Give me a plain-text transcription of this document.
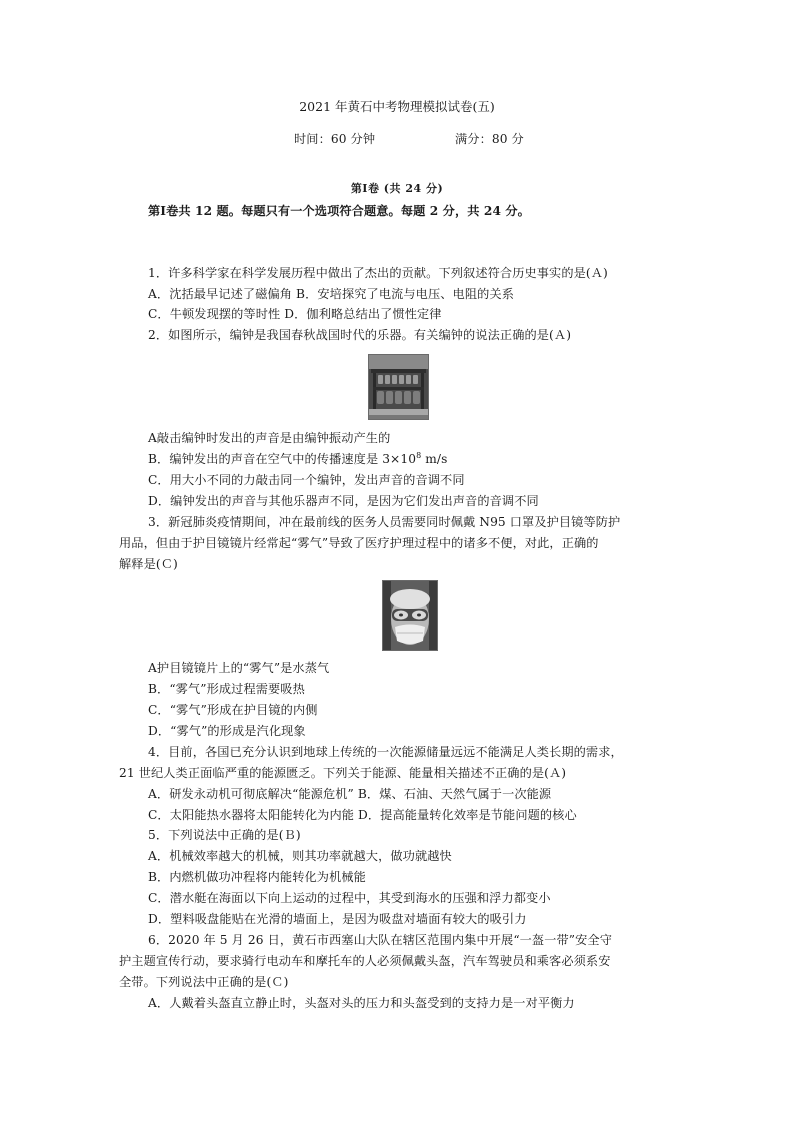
2021 年黄石中考物理模拟试卷(五)
时间：60 分钟	满分：80 分
第Ⅰ卷 (共 24 分)
第Ⅰ卷共 12 题。每题只有一个选项符合题意。每题 2 分，共 24 分。
1．许多科学家在科学发展历程中做出了杰出的贡献。下列叙述符合历史事实的是(Ａ)
A．沈括最早记述了磁偏角 B．安培探究了电流与电压、电阻的关系
C．牛顿发现摆的等时性 D．伽利略总结出了惯性定律
2．如图所示，编钟是我国春秋战国时代的乐器。有关编钟的说法正确的是(Ａ)
A敲击编钟时发出的声音是由编钟振动产生的
B．编钟发出的声音在空气中的传播速度是 $3\times 10^8$ m/s
C．用大小不同的力敲击同一个编钟，发出声音的音调不同
D．编钟发出的声音与其他乐器声不同，是因为它们发出声音的音调不同
3．新冠肺炎疫情期间，冲在最前线的医务人员需要同时佩戴 N95 口罩及护目镜等防护
用品，但由于护目镜镜片经常起“雾气”导致了医疗护理过程中的诸多不便，对此，正确的
解释是(Ｃ)
A护目镜镜片上的“雾气”是水蒸气
B．“雾气”形成过程需要吸热
C．“雾气”形成在护目镜的内侧
D．“雾气”的形成是汽化现象
4．目前，各国已充分认识到地球上传统的一次能源储量远远不能满足人类长期的需求，
21 世纪人类正面临严重的能源匮乏。下列关于能源、能量相关描述不正确的是(Ａ)
A．研发永动机可彻底解决“能源危机” B．煤、石油、天然气属于一次能源
C．太阳能热水器将太阳能转化为内能 D．提高能量转化效率是节能问题的核心
5．下列说法中正确的是(Ｂ)
A．机械效率越大的机械，则其功率就越大，做功就越快
B．内燃机做功冲程将内能转化为机械能
C．潜水艇在海面以下向上运动的过程中，其受到海水的压强和浮力都变小
D．塑料吸盘能贴在光滑的墙面上，是因为吸盘对墙面有较大的吸引力
6．2020 年 5 月 26 日，黄石市西塞山大队在辖区范围内集中开展“一盔一带”安全守
护主题宣传行动，要求骑行电动车和摩托车的人必须佩戴头盔，汽车驾驶员和乘客必须系安
全带。下列说法中正确的是(Ｃ)
A．人戴着头盔直立静止时，头盔对头的压力和头盔受到的支持力是一对平衡力
